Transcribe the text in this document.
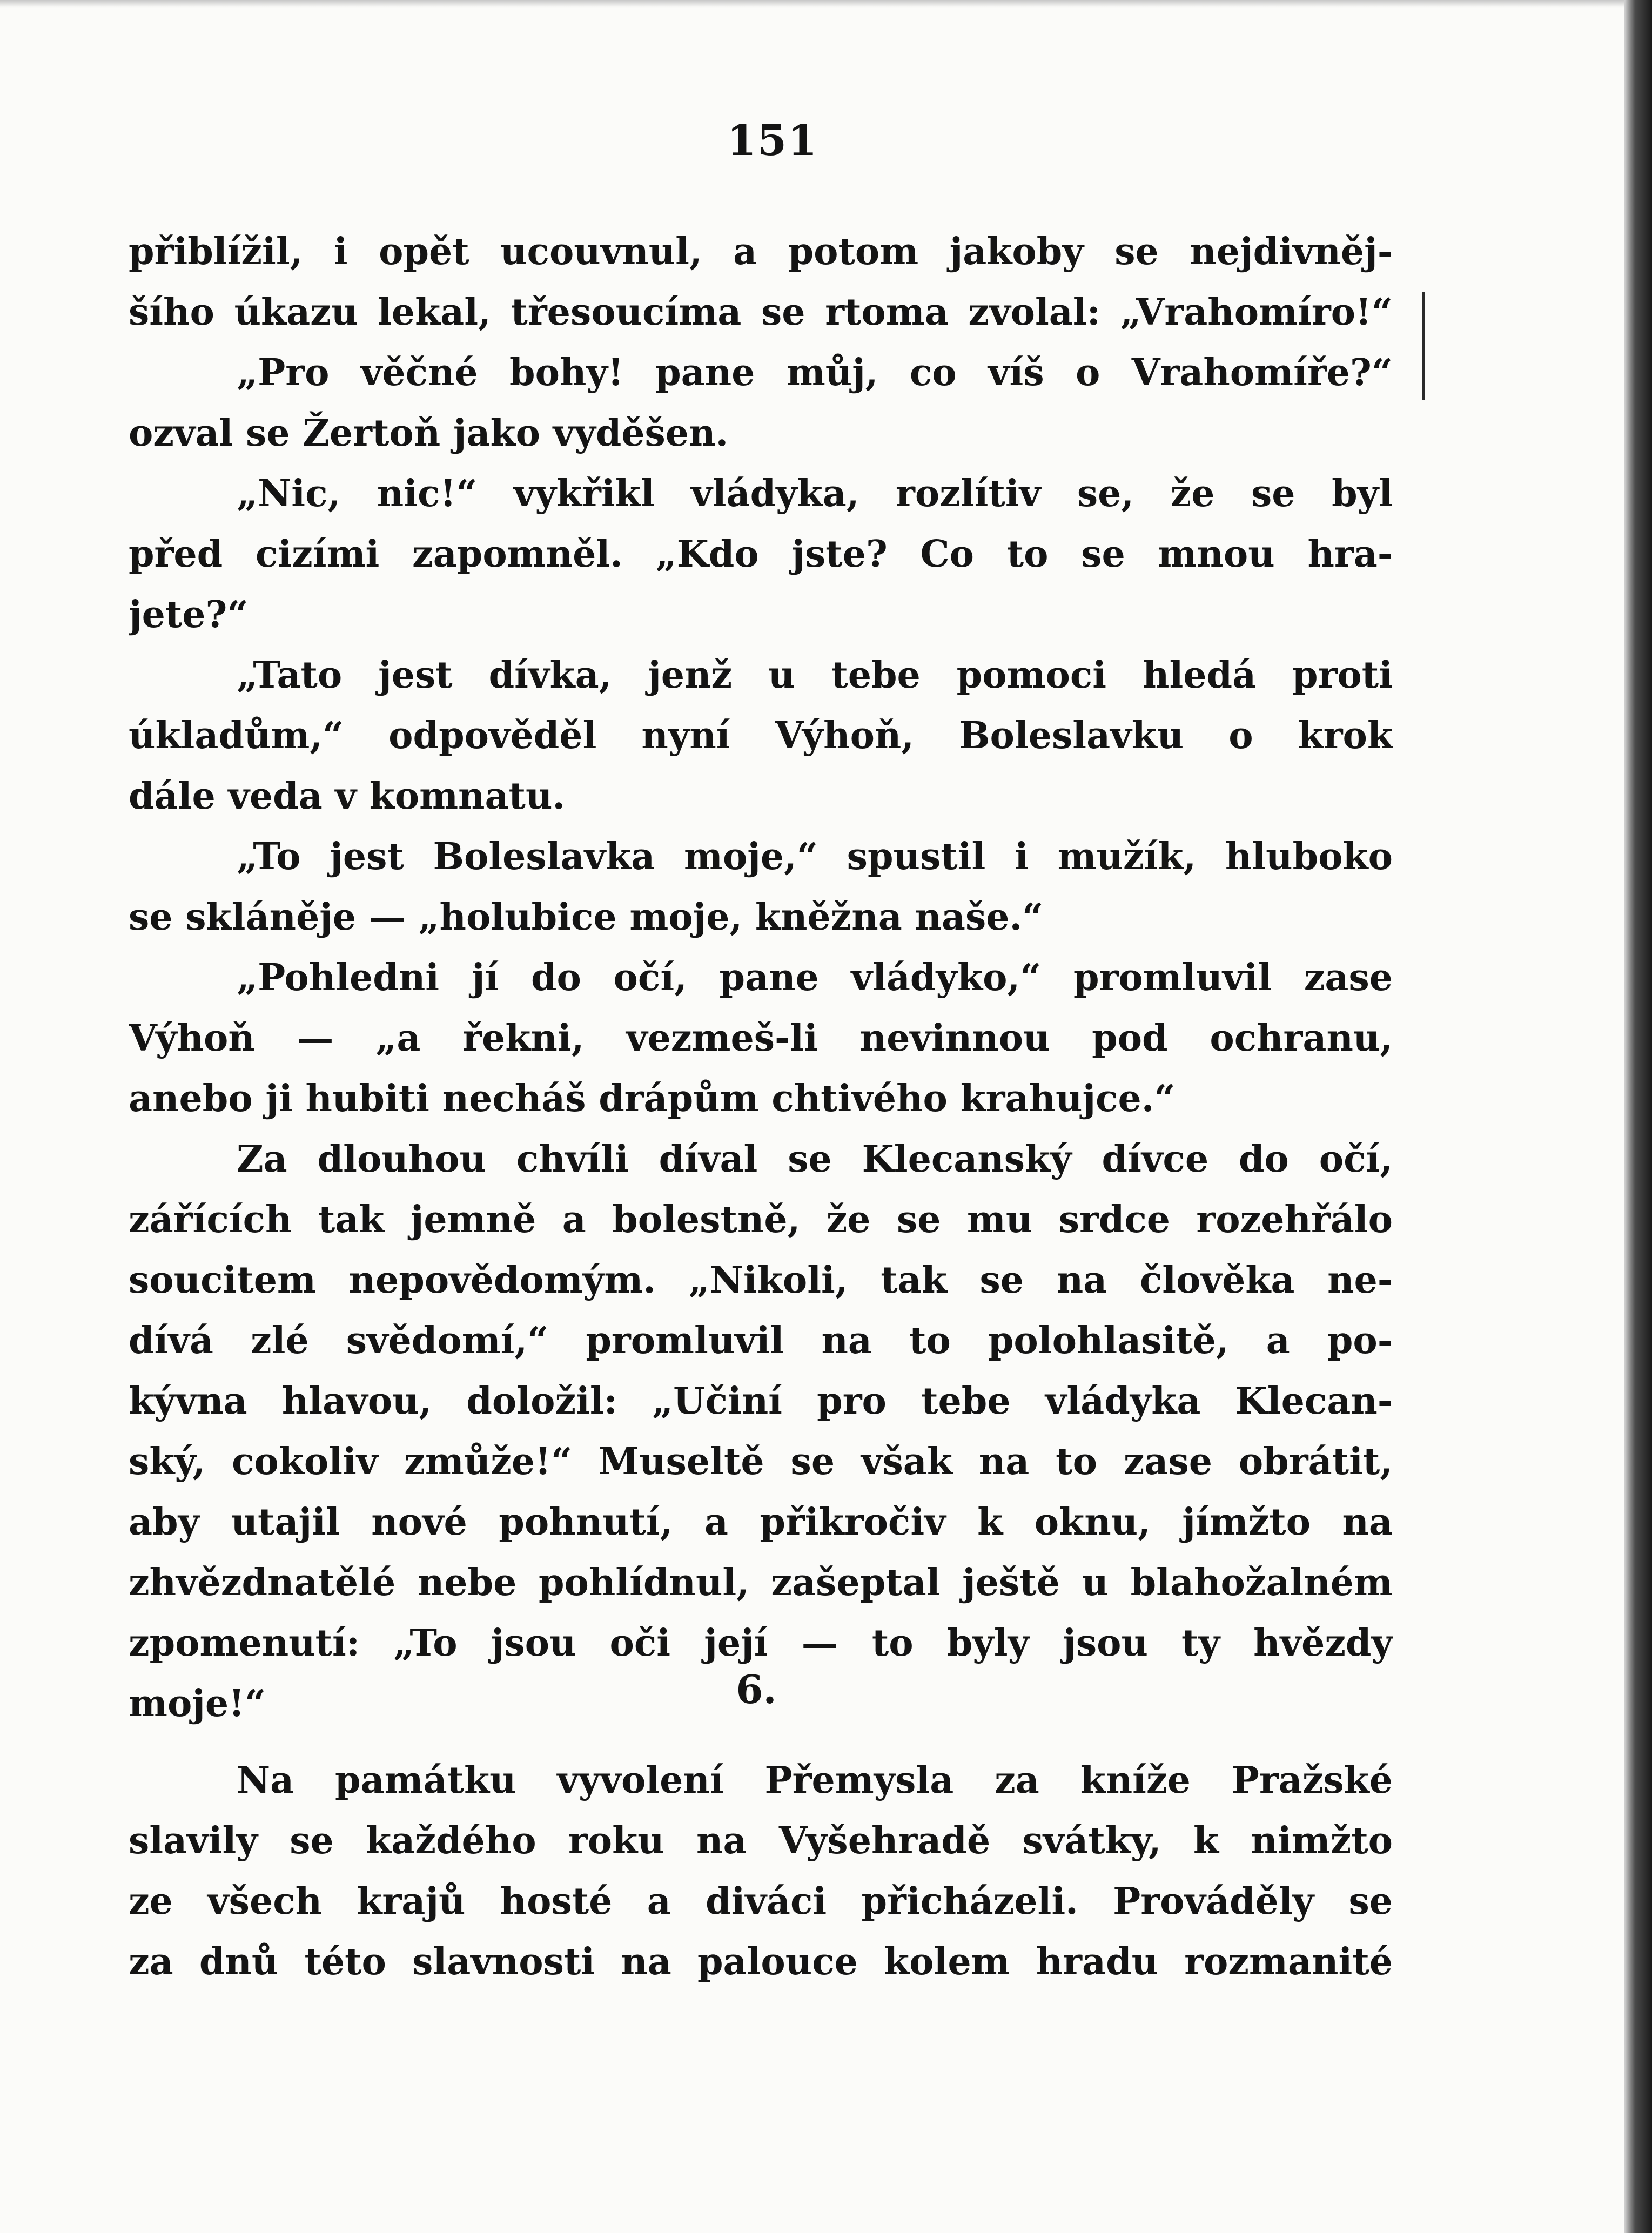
151
přiblížil, i opět ucouvnul, a potom jakoby se nejdivněj-
šího úkazu lekal, třesoucíma se rtoma zvolal: „Vrahomíro!“
„Pro věčné bohy! pane můj, co víš o Vrahomíře?“
ozval se Žertoň jako vyděšen.
„Nic, nic!“ vykřikl vládyka, rozlítiv se, že se byl
před cizími zapomněl. „Kdo jste? Co to se mnou hra-
jete?“
„Tato jest dívka, jenž u tebe pomoci hledá proti
úkladům,“ odpověděl nyní Výhoň, Boleslavku o krok
dále veda v komnatu.
„To jest Boleslavka moje,“ spustil i mužík, hluboko
se skláněje — „holubice moje, kněžna naše.“
„Pohledni jí do očí, pane vládyko,“ promluvil zase
Výhoň — „a řekni, vezmeš-li nevinnou pod ochranu,
anebo ji hubiti necháš drápům chtivého krahujce.“
Za dlouhou chvíli díval se Klecanský dívce do očí,
zářících tak jemně a bolestně, že se mu srdce rozehřálo
soucitem nepovědomým. „Nikoli, tak se na člověka ne-
dívá zlé svědomí,“ promluvil na to polohlasitě, a po-
kývna hlavou, doložil: „Učiní pro tebe vládyka Klecan-
ský, cokoliv zmůže!“ Museltě se však na to zase obrátit,
aby utajil nové pohnutí, a přikročiv k oknu, jímžto na
zhvězdnatělé nebe pohlídnul, zašeptal ještě u blahožalném
zpomenutí: „To jsou oči její — to byly jsou ty hvězdy
moje!“	6.
Na památku vyvolení Přemysla za kníže Pražské
slavily se každého roku na Vyšehradě svátky, k nimžto
ze všech krajů hosté a diváci přicházeli. Prováděly se
za dnů této slavnosti na palouce kolem hradu rozmanité
